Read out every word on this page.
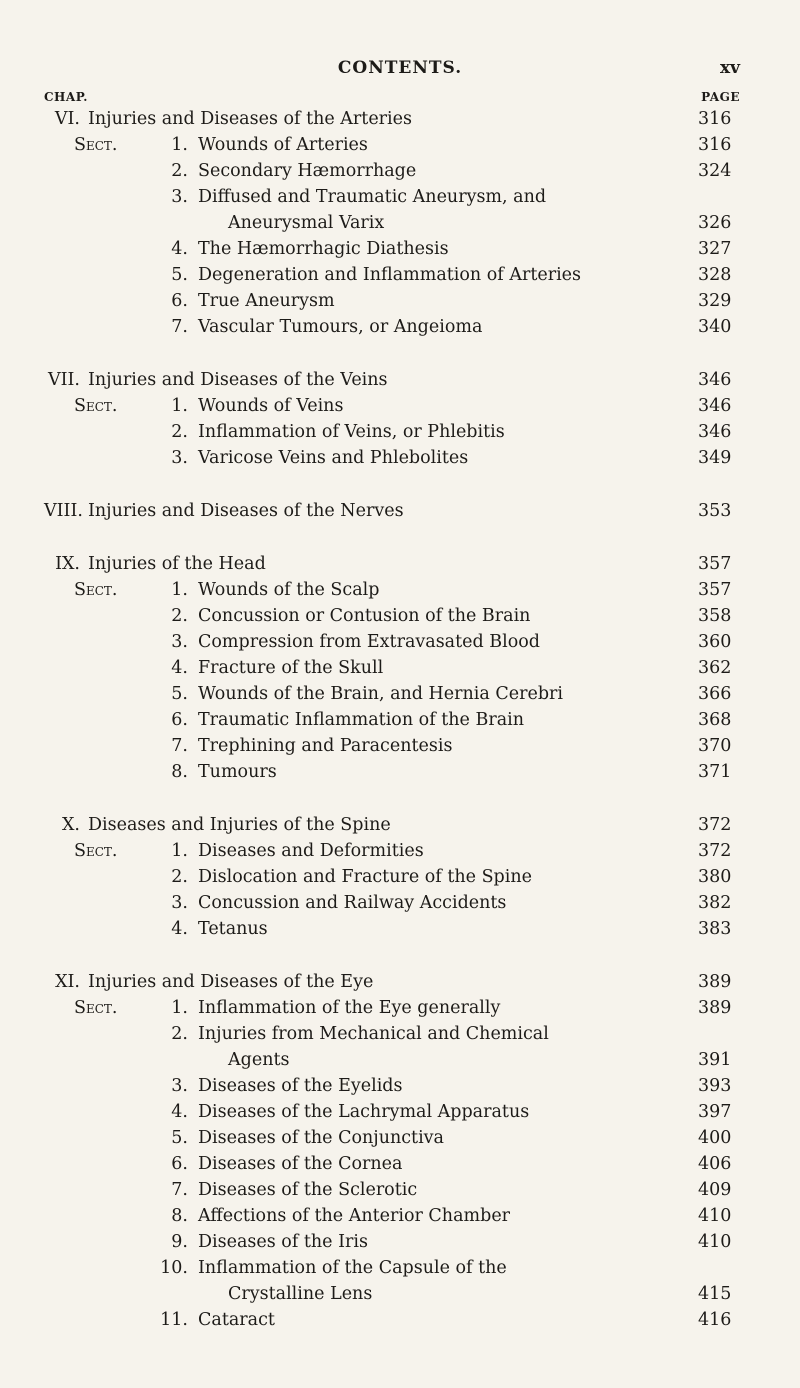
CONTENTS.	xv
CHAP.	PAGE
VI. Injuries and Diseases of the Arteries	316
Sect.	1. Wounds of Arteries	316
2. Secondary Hæmorrhage	324
3. Diffused and Traumatic Aneurysm, and
Aneurysmal Varix	326
4. The Hæmorrhagic Diathesis	327
5. Degeneration and Inflammation of Arteries	328
6. True Aneurysm	329
7. Vascular Tumours, or Angeioma	340
VII. Injuries and Diseases of the Veins	346
Sect.	1. Wounds of Veins	346
2. Inflammation of Veins, or Phlebitis	346
3. Varicose Veins and Phlebolites	349
VIII. Injuries and Diseases of the Nerves	353
IX. Injuries of the Head	357
Sect.	1. Wounds of the Scalp	357
2. Concussion or Contusion of the Brain	358
3. Compression from Extravasated Blood	360
4. Fracture of the Skull	362
5. Wounds of the Brain, and Hernia Cerebri	366
6. Traumatic Inflammation of the Brain	368
7. Trephining and Paracentesis	370
8. Tumours	371
X. Diseases and Injuries of the Spine	372
Sect.	1. Diseases and Deformities	372
2. Dislocation and Fracture of the Spine	380
3. Concussion and Railway Accidents	382
4. Tetanus	383
XI. Injuries and Diseases of the Eye	389
Sect.	1. Inflammation of the Eye generally	389
2. Injuries from Mechanical and Chemical
Agents	391
3. Diseases of the Eyelids	393
4. Diseases of the Lachrymal Apparatus	397
5. Diseases of the Conjunctiva	400
6. Diseases of the Cornea	406
7. Diseases of the Sclerotic	409
8. Affections of the Anterior Chamber	410
9. Diseases of the Iris	410
10. Inflammation of the Capsule of the
Crystalline Lens	415
11. Cataract	416
